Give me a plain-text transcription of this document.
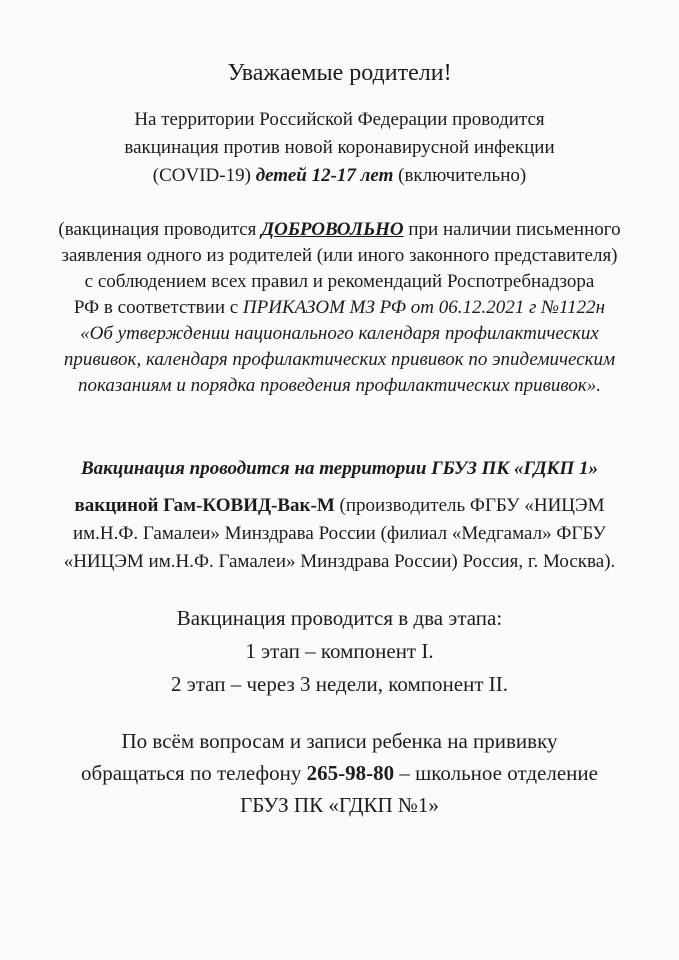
Уважаемые родители!
На территории Российской Федерации проводится
вакцинация против новой коронавирусной инфекции
(COVID-19) детей 12-17 лет (включительно)
(вакцинация проводится ДОБРОВОЛЬНО при наличии письменного
заявления одного из родителей (или иного законного представителя)
с соблюдением всех правил и рекомендаций Роспотребнадзора
РФ в соответствии с ПРИКАЗОМ МЗ РФ от 06.12.2021 г №1122н
«Об утверждении национального календаря профилактических
прививок, календаря профилактических прививок по эпидемическим
показаниям и порядка проведения профилактических прививок».
Вакцинация проводится на территории ГБУЗ ПК «ГДКП 1»
вакциной Гам-КОВИД-Вак-М (производитель ФГБУ «НИЦЭМ
им.Н.Ф. Гамалеи» Минздрава России (филиал «Медгамал» ФГБУ
«НИЦЭМ им.Н.Ф. Гамалеи» Минздрава России) Россия, г. Москва).
Вакцинация проводится в два этапа:
1 этап – компонент I.
2 этап – через 3 недели, компонент II.
По всём вопросам и записи ребенка на прививку
обращаться по телефону 265-98-80 – школьное отделение
ГБУЗ ПК «ГДКП №1»
